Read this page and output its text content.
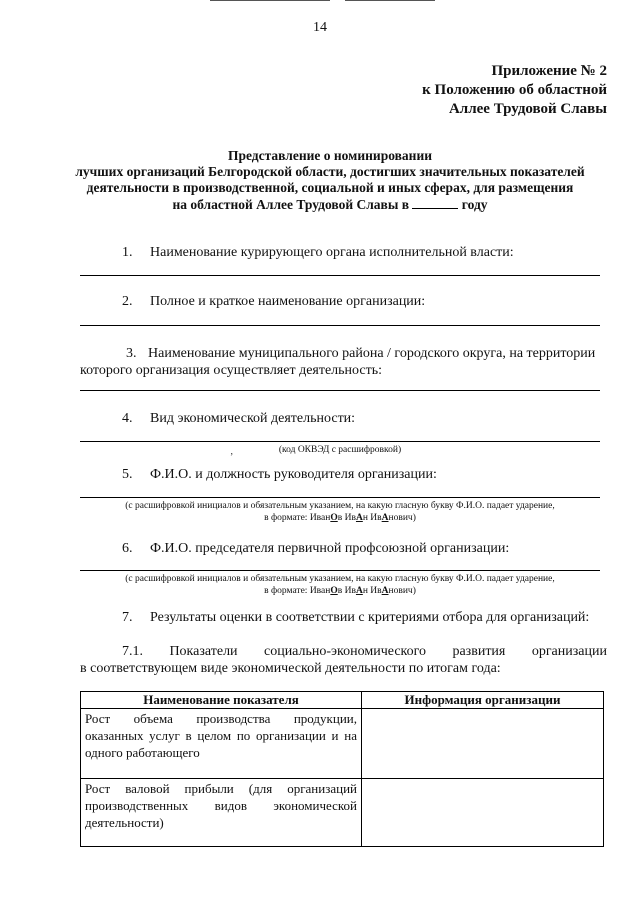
14
Приложение № 2
к Положению об областной
Аллее Трудовой Славы
Представление о номинировании
лучших организаций Белгородской области, достигших значительных показателей
деятельности в производственной, социальной и иных сферах, для размещения
на областной Аллее Трудовой Славы в	году
1. Наименование курирующего органа исполнительной власти:
2. Полное и краткое наименование организации:
3. Наименование муниципального района / городского округа, на территории
которого организация осуществляет деятельность:
4. Вид экономической деятельности:
‚	(код ОКВЭД с расшифровкой)
5. Ф.И.О. и должность руководителя организации:
(с расшифровкой инициалов и обязательным указанием, на какую гласную букву Ф.И.О. падает ударение,
в формате: ИванОв ИвАн ИвАнович)
6. Ф.И.О. председателя первичной профсоюзной организации:
(с расшифровкой инициалов и обязательным указанием, на какую гласную букву Ф.И.О. падает ударение,
в формате: ИванОв ИвАн ИвАнович)
7. Результаты оценки в соответствии с критериями отбора для организаций:
7.1. Показатели социально-экономического развития организации
в соответствующем виде экономической деятельности по итогам года:
Наименование показателя	Информация организации
Рост объема производства продукции, оказанных услуг в целом по организации и на одного работающего	
Рост валовой прибыли (для организаций производственных видов экономической деятельности)	
